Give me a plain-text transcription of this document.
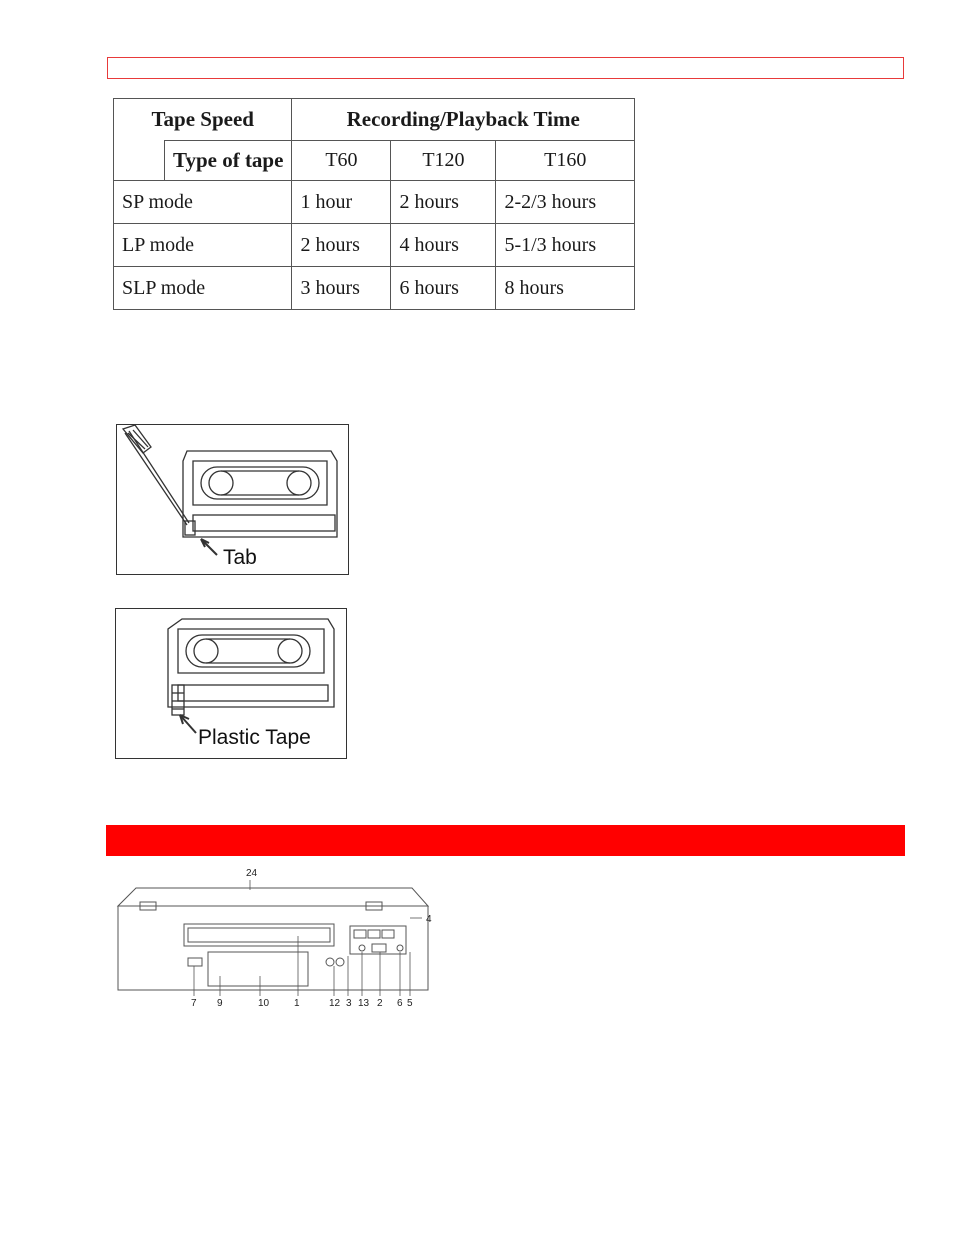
Tape Speed		Recording/Playback Time		
	Type of tape	T60	T120	T160
SP mode		1 hour	2 hours	2-2/3 hours
LP mode		2 hours	4 hours	5-1/3 hours
SLP mode		3 hours	6 hours	8 hours
Tab
Plastic Tape
24
4
7 9	10 1	12 3 13 2 6 5
